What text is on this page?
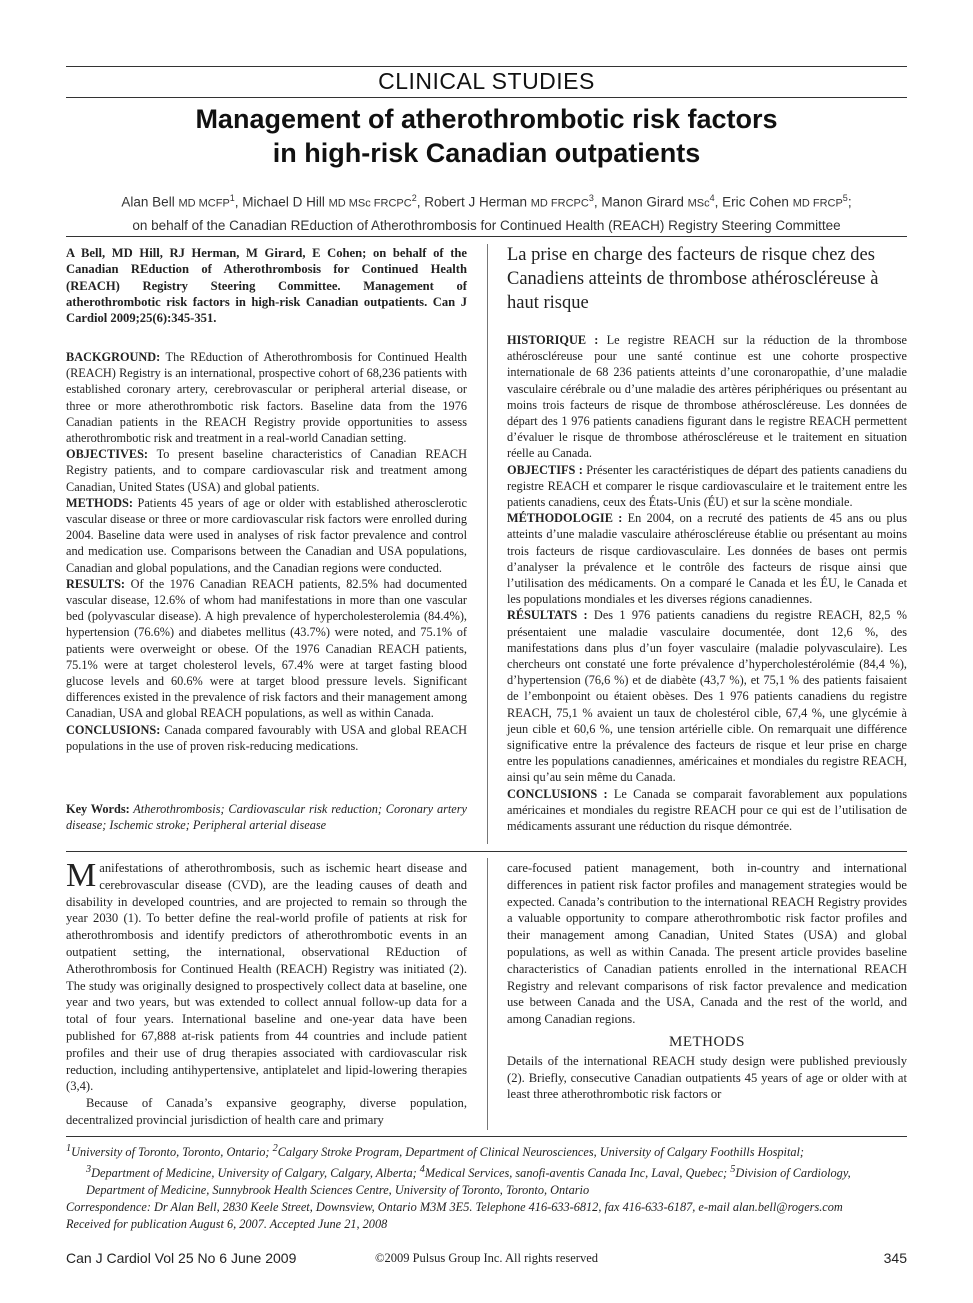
CLINICAL STUDIES
Management of atherothrombotic risk factors
in high-risk Canadian outpatients
Alan Bell MD MCFP$^1$, Michael D Hill MD MSc FRCPC$^2$, Robert J Herman MD FRCPC$^3$, Manon Girard MSc$^4$, Eric Cohen MD FRCP$^5$;
on behalf of the Canadian REduction of Atherothrombosis for Continued Health (REACH) Registry Steering Committee
A Bell, MD Hill, RJ Herman, M Girard, E Cohen; on behalf of the Canadian REduction of Atherothrombosis for Continued Health (REACH) Registry Steering Committee. Management of atherothrombotic risk factors in high-risk Canadian outpatients. Can J Cardiol 2009;25(6):345-351.

BACKGROUND: The REduction of Atherothrombosis for Continued Health (REACH) Registry is an international, prospective cohort of 68,236 patients with established coronary artery, cerebrovascular or peripheral arterial disease, or three or more atherothrombotic risk factors. Baseline data from the 1976 Canadian patients in the REACH Registry provide opportunities to assess atherothrombotic risk and treatment in a real-world Canadian setting.

OBJECTIVES: To present baseline characteristics of Canadian REACH Registry patients, and to compare cardiovascular risk and treatment among Canadian, United States (USA) and global patients.

METHODS: Patients 45 years of age or older with established atherosclerotic vascular disease or three or more cardiovascular risk factors were enrolled during 2004. Baseline data were used in analyses of risk factor prevalence and control and medication use. Comparisons between the Canadian and USA populations, Canadian and global populations, and the Canadian regions were conducted.

RESULTS: Of the 1976 Canadian REACH patients, 82.5% had documented vascular disease, 12.6% of whom had manifestations in more than one vascular bed (polyvascular disease). A high prevalence of hypercholesterolemia (84.4%), hypertension (76.6%) and diabetes mellitus (43.7%) were noted, and 75.1% of patients were overweight or obese. Of the 1976 Canadian REACH patients, 75.1% were at target cholesterol levels, 67.4% were at target fasting blood glucose levels and 60.6% were at target blood pressure levels. Significant differences existed in the prevalence of risk factors and their management among Canadian, USA and global REACH populations, as well as within Canada.

CONCLUSIONS: Canada compared favourably with USA and global REACH populations in the use of proven risk-reducing medications.

Key Words: Atherothrombosis; Cardiovascular risk reduction; Coronary artery disease; Ischemic stroke; Peripheral arterial disease
La prise en charge des facteurs de risque chez des Canadiens atteints de thrombose athéroscléreuse à haut risque

HISTORIQUE : Le registre REACH sur la réduction de la thrombose athéroscléreuse pour une santé continue est une cohorte prospective internationale de 68 236 patients atteints d’une coronaropathie, d’une maladie vasculaire cérébrale ou d’une maladie des artères périphériques ou présentant au moins trois facteurs de risque de thrombose athéroscléreuse. Les données de départ des 1 976 patients canadiens figurant dans le registre REACH permettent d’évaluer le risque de thrombose athéroscléreuse et le traitement en situation réelle au Canada.

OBJECTIFS : Présenter les caractéristiques de départ des patients canadiens du registre REACH et comparer le risque cardiovasculaire et le traitement entre les patients canadiens, ceux des États-Unis (ÉU) et sur la scène mondiale.

MÉTHODOLOGIE : En 2004, on a recruté des patients de 45 ans ou plus atteints d’une maladie vasculaire athéroscléreuse établie ou présentant au moins trois facteurs de risque cardiovasculaire. Les données de bases ont permis d’analyser la prévalence et le contrôle des facteurs de risque ainsi que l’utilisation des médicaments. On a comparé le Canada et les ÉU, le Canada et les populations mondiales et les diverses régions canadiennes.

RÉSULTATS : Des 1 976 patients canadiens du registre REACH, 82,5 % présentaient une maladie vasculaire documentée, dont 12,6 %, des manifestations dans plus d’un foyer vasculaire (maladie polyvasculaire). Les chercheurs ont constaté une forte prévalence d’hypercholestérolémie (84,4 %), d’hypertension (76,6 %) et de diabète (43,7 %), et 75,1 % des patients faisaient de l’embonpoint ou étaient obèses. Des 1 976 patients canadiens du registre REACH, 75,1 % avaient un taux de cholestérol cible, 67,4 %, une glycémie à jeun cible et 60,6 %, une tension artérielle cible. On remarquait une différence significative entre la prévalence des facteurs de risque et leur prise en charge entre les populations canadiennes, américaines et mondiales du registre REACH, ainsi qu’au sein même du Canada.

CONCLUSIONS : Le Canada se comparait favorablement aux populations américaines et mondiales du registre REACH pour ce qui est de l’utilisation de médicaments assurant une réduction du risque démontrée.

Manifestations of atherothrombosis, such as ischemic heart disease and cerebrovascular disease (CVD), are the leading causes of death and disability in developed countries, and are projected to remain so through the year 2030 (1). To better define the real-world profile of patients at risk for atherothrombosis and identify predictors of atherothrombotic events in an outpatient setting, the international, observational REduction of Atherothrombosis for Continued Health (REACH) Registry was initiated (2). The study was originally designed to prospectively collect data at baseline, one year and two years, but was extended to collect annual follow-up data for a total of four years. International baseline and one-year data have been published for 67,888 at-risk patients from 44 countries and include patient profiles and their use of drug therapies associated with cardiovascular risk reduction, including antihypertensive, antiplatelet and lipid-lowering therapies (3,4).

Because of Canada’s expansive geography, diverse population, decentralized provincial jurisdiction of health care and primary

care-focused patient management, both in-country and international differences in patient risk factor profiles and management strategies would be expected. Canada’s contribution to the international REACH Registry provides a valuable opportunity to compare atherothrombotic risk factor profiles and their management among Canadian, United States (USA) and global populations, as well as within Canada. The present article provides baseline characteristics of Canadian patients enrolled in the international REACH Registry and relevant comparisons of risk factor prevalence and medication use between Canada and the USA, Canada and the rest of the world, and among Canadian regions.

METHODS

Details of the international REACH study design were published previously (2). Briefly, consecutive Canadian outpatients 45 years of age or older with at least three atherothrombotic risk factors or

$^1$University of Toronto, Toronto, Ontario; $^2$Calgary Stroke Program, Department of Clinical Neurosciences, University of Calgary Foothills Hospital;

$^3$Department of Medicine, University of Calgary, Calgary, Alberta; $^4$Medical Services, sanofi-aventis Canada Inc, Laval, Quebec; $^5$Division of Cardiology,

Department of Medicine, Sunnybrook Health Sciences Centre, University of Toronto, Toronto, Ontario

Correspondence: Dr Alan Bell, 2830 Keele Street, Downsview, Ontario M3M 3E5. Telephone 416-633-6812, fax 416-633-6187, e-mail alan.bell@rogers.com

Received for publication August 6, 2007. Accepted June 21, 2008

Can J Cardiol Vol 25 No 6 June 2009	©2009 Pulsus Group Inc. All rights reserved	345
